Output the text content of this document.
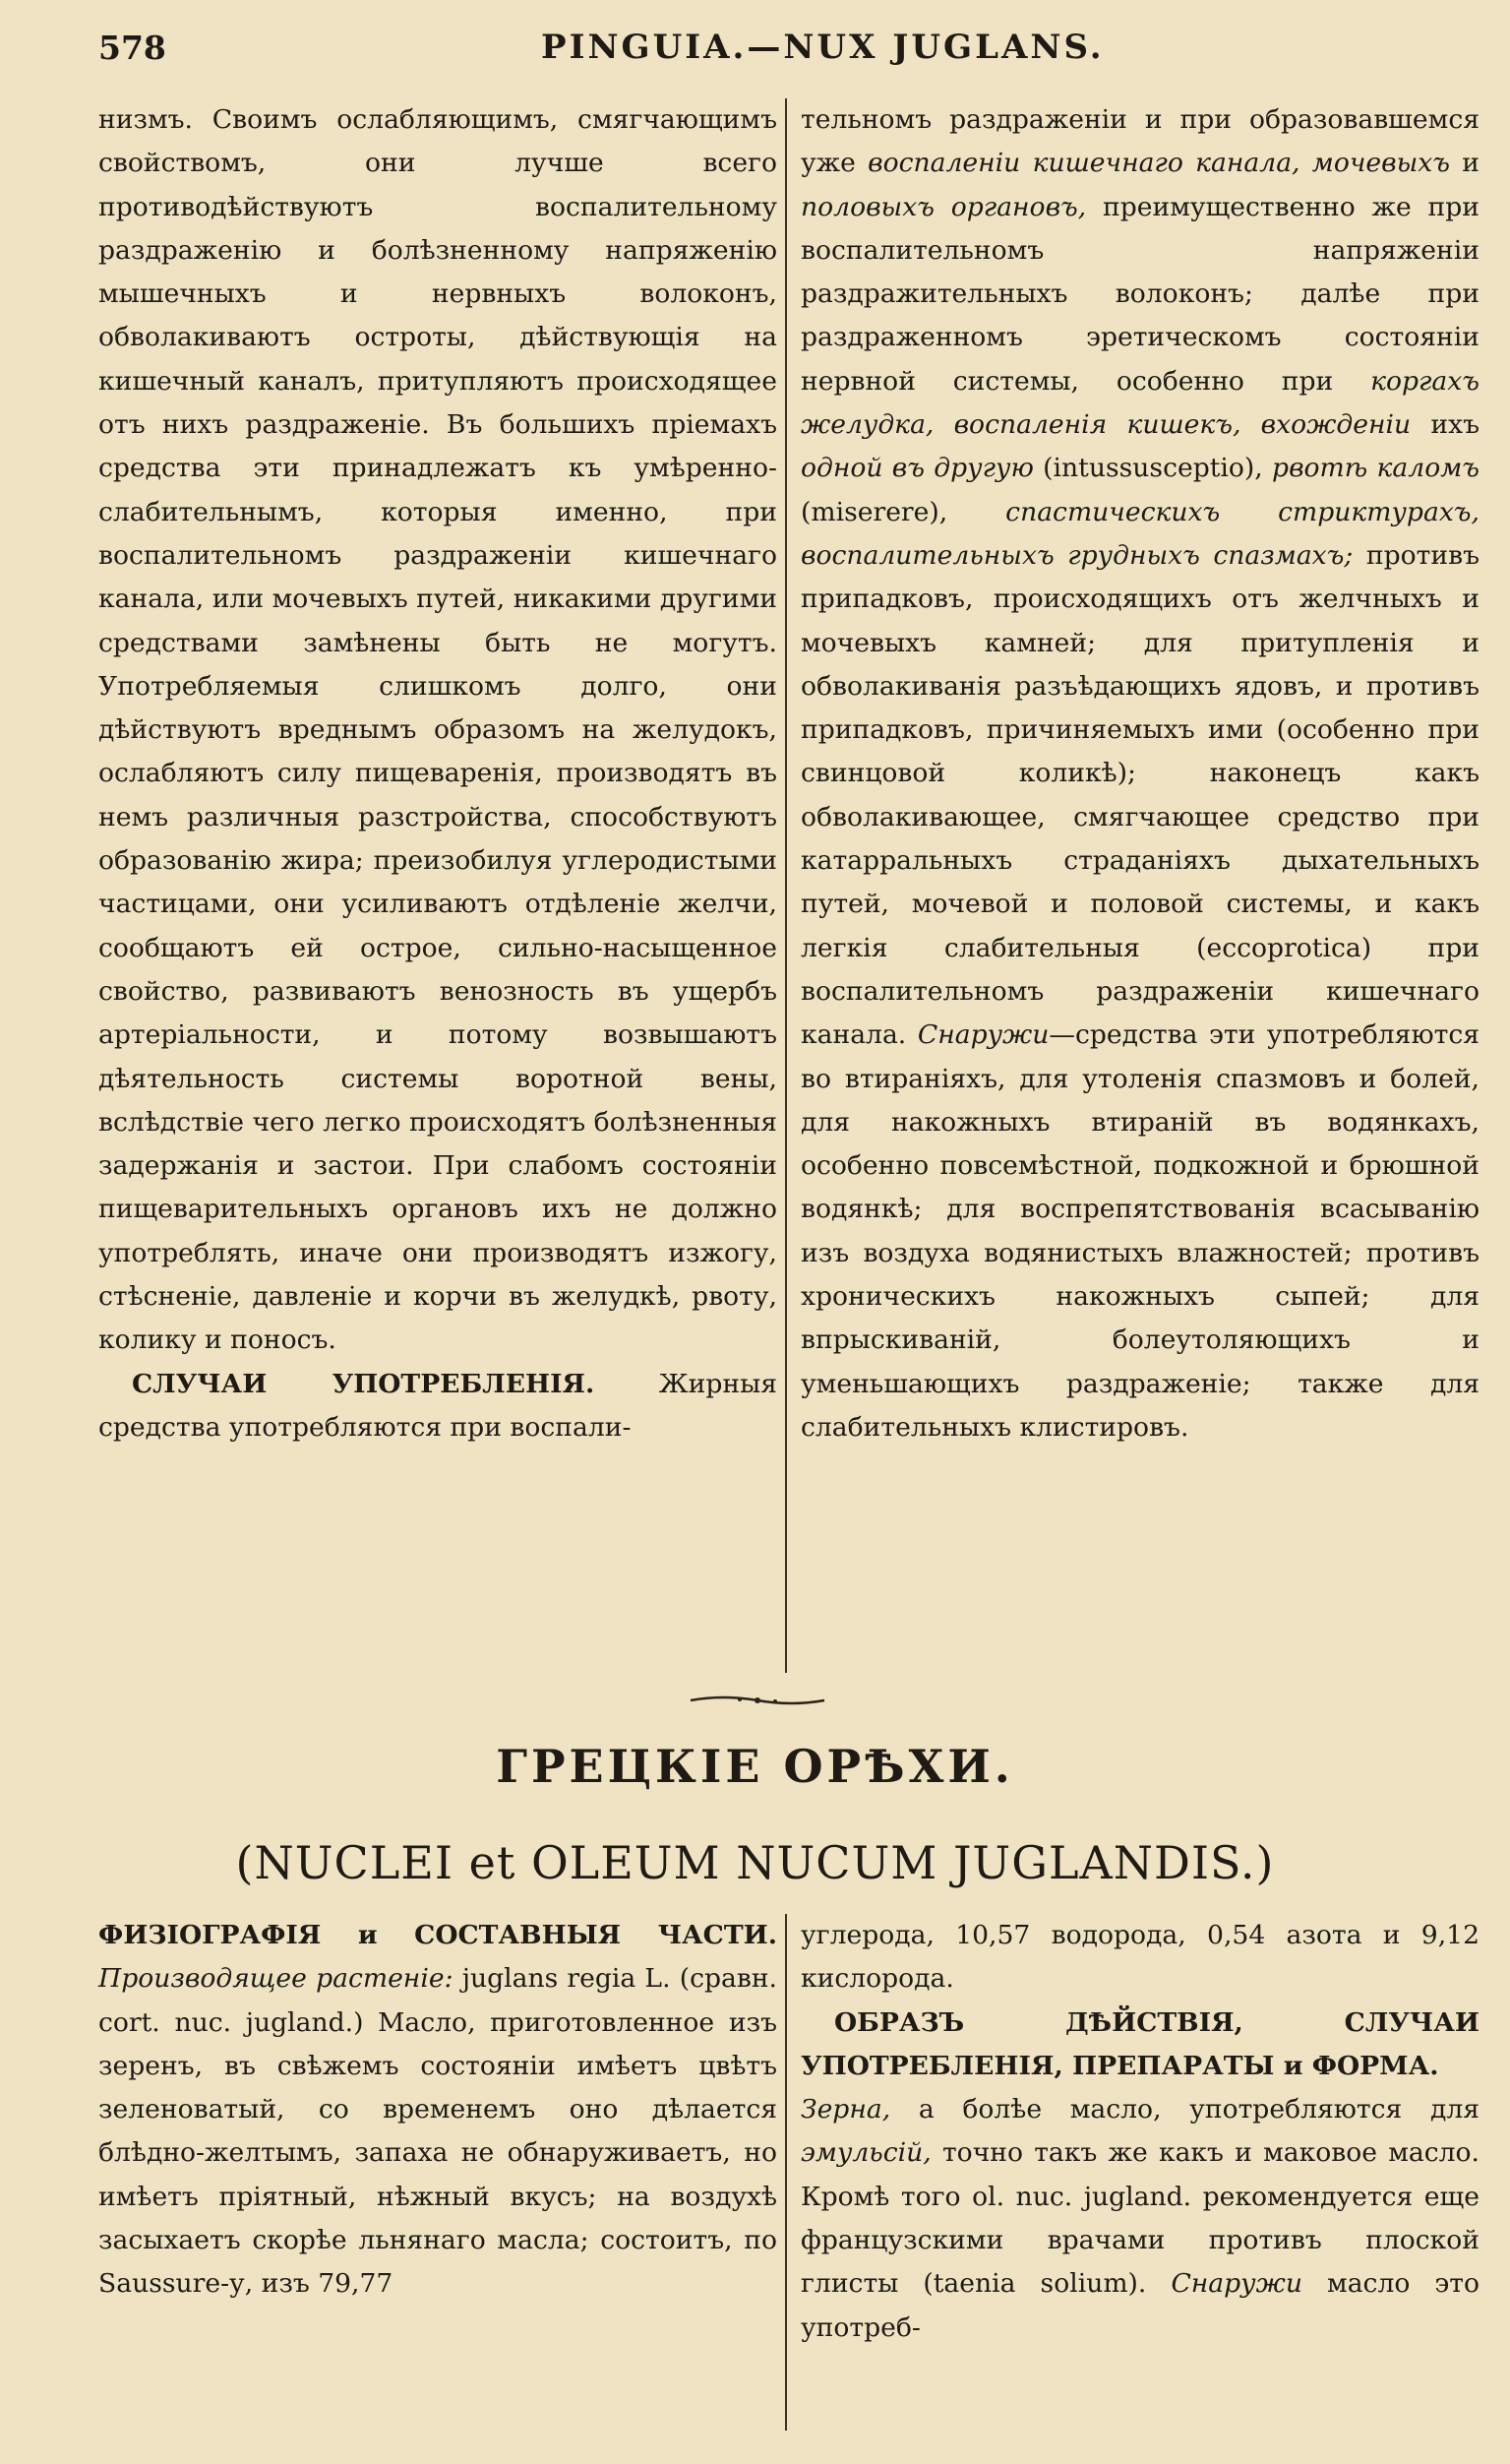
578	PINGUIA.—NUX JUGLANS.

низмъ. Своимъ ослабляющимъ, смягчающимъ свойствомъ, они лучше всего противодѣйствуютъ воспалительному раздраженію и болѣзненному напряженію мышечныхъ и нервныхъ волоконъ, обволакиваютъ остроты, дѣйствующія на кишечный каналъ, притупляютъ происходящее отъ нихъ раздраженіе. Въ большихъ пріемахъ средства эти принадлежатъ къ умѣренно-слабительнымъ, которыя именно, при воспалительномъ раздраженіи кишечнаго канала, или мочевыхъ путей, никакими другими средствами замѣнены быть не могутъ. Употребляемыя слишкомъ долго, они дѣйствуютъ вреднымъ образомъ на желудокъ, ослабляютъ силу пищеваренія, производятъ въ немъ различныя разстройства, способствуютъ образованію жира; преизобилуя углеродистыми частицами, они усиливаютъ отдѣленіе желчи, сообщаютъ ей острое, сильно-насыщенное свойство, развиваютъ венозность въ ущербъ артеріальности, и потому возвышаютъ дѣятельность системы воротной вены, вслѣдствіе чего легко происходятъ болѣзненныя задержанія и застои. При слабомъ состояніи пищеварительныхъ органовъ ихъ не должно употреблять, иначе они производятъ изжогу, стѣсненіе, давленіе и корчи въ желудкѣ, рвоту, колику и поносъ.

СЛУЧАИ УПОТРЕБЛЕНІЯ. Жирныя средства употребляются при воспали-

тельномъ раздраженіи и при образовавшемся уже воспаленіи кишечнаго канала, мочевыхъ и половыхъ органовъ, преимущественно же при воспалительномъ напряженіи раздражительныхъ волоконъ; далѣе при раздраженномъ эретическомъ состояніи нервной системы, особенно при коргахъ желудка, воспаленія кишекъ, вхожденіи ихъ одной въ другую (intussusceptio), рвотѣ каломъ (miserere), спастическихъ стриктурахъ, воспалительныхъ грудныхъ спазмахъ; противъ припадковъ, происходящихъ отъ желчныхъ и мочевыхъ камней; для притупленія и обволакиванія разъѣдающихъ ядовъ, и противъ припадковъ, причиняемыхъ ими (особенно при свинцовой коликѣ); наконецъ какъ обволакивающее, смягчающее средство при катарральныхъ страданіяхъ дыхательныхъ путей, мочевой и половой системы, и какъ легкія слабительныя (eccoprotica) при воспалительномъ раздраженіи кишечнаго канала. Снаружи—средства эти употребляются во втираніяхъ, для утоленія спазмовъ и болей, для накожныхъ втираній въ водянкахъ, особенно повсемѣстной, подкожной и брюшной водянкѣ; для воспрепятствованія всасыванію изъ воздуха водянистыхъ влажностей; противъ хроническихъ накожныхъ сыпей; для впрыскиваній, болеутоляющихъ и уменьшающихъ раздраженіе; также для слабительныхъ клистировъ.

ГРЕЦКІЕ ОРѢХИ.
(NUCLEI et OLEUM NUCUM JUGLANDIS.)

ФИЗІОГРАФІЯ и СОСТАВНЫЯ ЧАСТИ. Производящее растеніе: juglans regia L. (сравн. cort. nuc. jugland.) Масло, приготовленное изъ зеренъ, въ свѣжемъ состояніи имѣетъ цвѣтъ зеленоватый, со временемъ оно дѣлается блѣдно-желтымъ, запаха не обнаруживаетъ, но имѣетъ пріятный, нѣжный вкусъ; на воздухѣ засыхаетъ скорѣе льнянаго масла; состоитъ, по Saussure-у, изъ 79,77

углерода, 10,57 водорода, 0,54 азота и 9,12 кислорода.

ОБРАЗЪ ДѢЙСТВІЯ, СЛУЧАИ УПОТРЕБЛЕНІЯ, ПРЕПАРАТЫ и ФОРМА.

Зерна, а болѣе масло, употребляются для эмульсій, точно такъ же какъ и маковое масло. Кромѣ того ol. nuc. jugland. рекомендуется еще французскими врачами противъ плоской глисты (taenia solium). Снаружи масло это употреб-
